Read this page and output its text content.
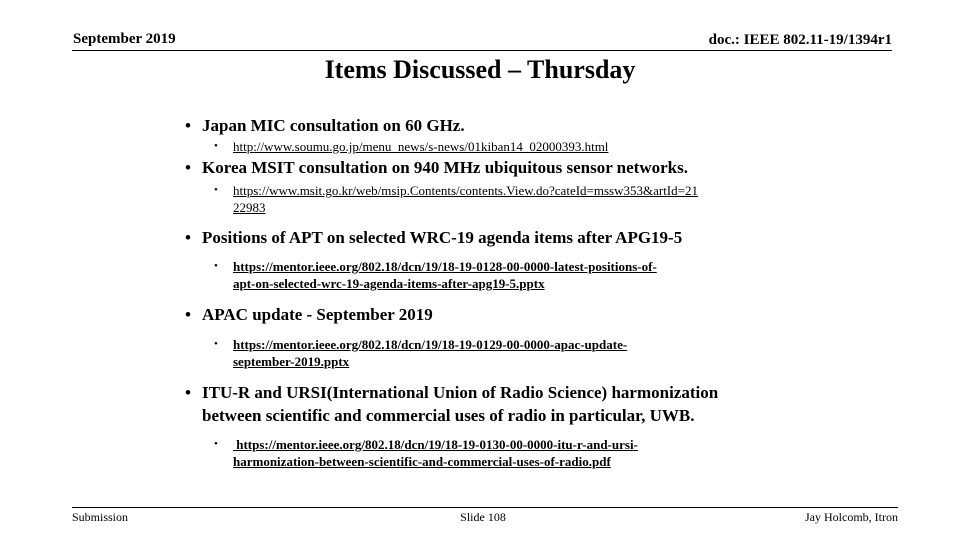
September 2019	doc.: IEEE 802.11-19/1394r1
Items Discussed – Thursday
• Japan MIC consultation on 60 GHz.
• http://www.soumu.go.jp/menu_news/s-news/01kiban14_02000393.html
• Korea MSIT consultation on 940 MHz ubiquitous sensor networks.
• https://www.msit.go.kr/web/msip.Contents/contents.View.do?cateId=mssw353&artId=21
22983
• Positions of APT on selected WRC-19 agenda items after APG19-5
• https://mentor.ieee.org/802.18/dcn/19/18-19-0128-00-0000-latest-positions-of-
apt-on-selected-wrc-19-agenda-items-after-apg19-5.pptx
• APAC update - September 2019
• https://mentor.ieee.org/802.18/dcn/19/18-19-0129-00-0000-apac-update-
september-2019.pptx
• ITU-R and URSI(International Union of Radio Science) harmonization
between scientific and commercial uses of radio in particular, UWB.
• https://mentor.ieee.org/802.18/dcn/19/18-19-0130-00-0000-itu-r-and-ursi-
harmonization-between-scientific-and-commercial-uses-of-radio.pdf
Submission	Slide 108	Jay Holcomb, Itron
